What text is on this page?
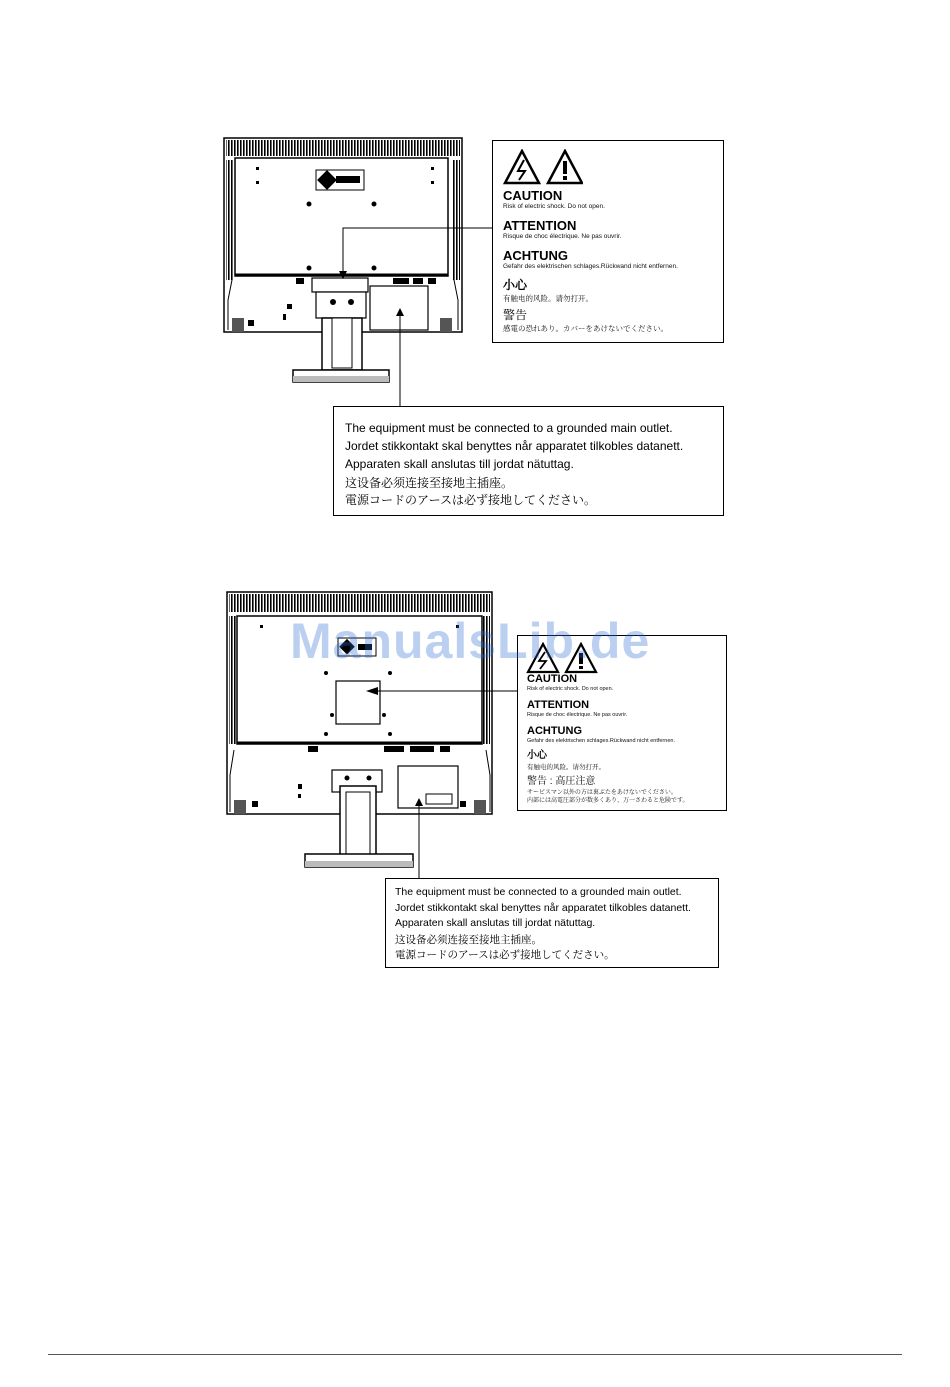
CAUTION
Risk of electric shock. Do not open.
ATTENTION
Risque de choc électrique. Ne pas ouvrir.
ACHTUNG
Gefahr des elektrischen schlages.Rückwand nicht entfernen.
小心
有触电的风险。请勿打开。
警告
感電の恐れあり。カバーをあけないでください。
The equipment must be connected to a grounded main outlet.
Jordet stikkontakt skal benyttes når apparatet tilkobles datanett.
Apparaten skall anslutas till jordat nätuttag.
这设备必须连接至接地主插座。
電源コードのアースは必ず接地してください。
CAUTION
Risk of electric shock. Do not open.
ATTENTION
Risque de choc électrique. Ne pas ouvrir.
ACHTUNG
Gefahr des elektrischen schlages.Rückwand nicht entfernen.
小心
有触电的风险。请勿打开。
警告 : 高圧注意
サービスマン以外の方は裏ぶたをあけないでください。
内部には高電圧部分が数多くあり、万一さわると危険です。
The equipment must be connected to a grounded main outlet.
Jordet stikkontakt skal benyttes når apparatet tilkobles datanett.
Apparaten skall anslutas till jordat nätuttag.
这设备必须连接至接地主插座。
電源コードのアースは必ず接地してください。
ManualsLib.de
